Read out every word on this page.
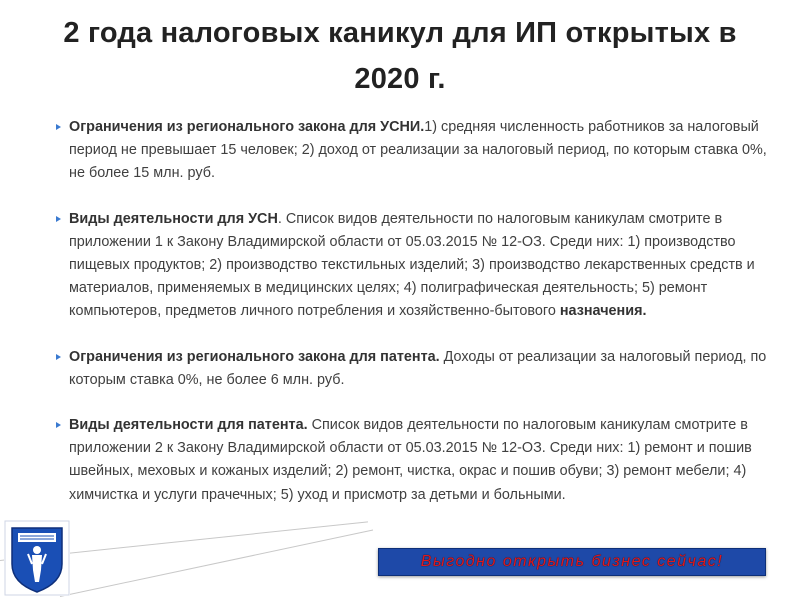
2 года налоговых каникул для ИП открытых в
2020 г.
Ограничения из регионального закона для УСНИ.1) средняя численность работников за налоговый период не превышает 15 человек; 2) доход от реализации за налоговый период, по которым ставка 0%, не более 15 млн. руб.
Виды деятельности для УСН. Список видов деятельности по налоговым каникулам смотрите в приложении 1 к Закону Владимирской области от 05.03.2015 № 12-ОЗ. Среди них: 1) производство пищевых продуктов; 2) производство текстильных изделий; 3) производство лекарственных средств и материалов, применяемых в медицинских целях; 4) полиграфическая деятельность; 5) ремонт компьютеров, предметов личного потребления и хозяйственно-бытового назначения.
Ограничения из регионального закона для патента. Доходы от реализации за налоговый период, по которым ставка 0%, не более 6 млн. руб.
Виды деятельности для патента. Список видов деятельности по налоговым каникулам смотрите в приложении 2 к Закону Владимирской области от 05.03.2015 № 12-ОЗ. Среди них: 1) ремонт и пошив швейных, меховых и кожаных изделий; 2) ремонт, чистка, окрас и пошив обуви; 3) ремонт мебели; 4) химчистка и услуги прачечных; 5) уход и присмотр за детьми и больными.
Выгодно открыть бизнес сейчас!
